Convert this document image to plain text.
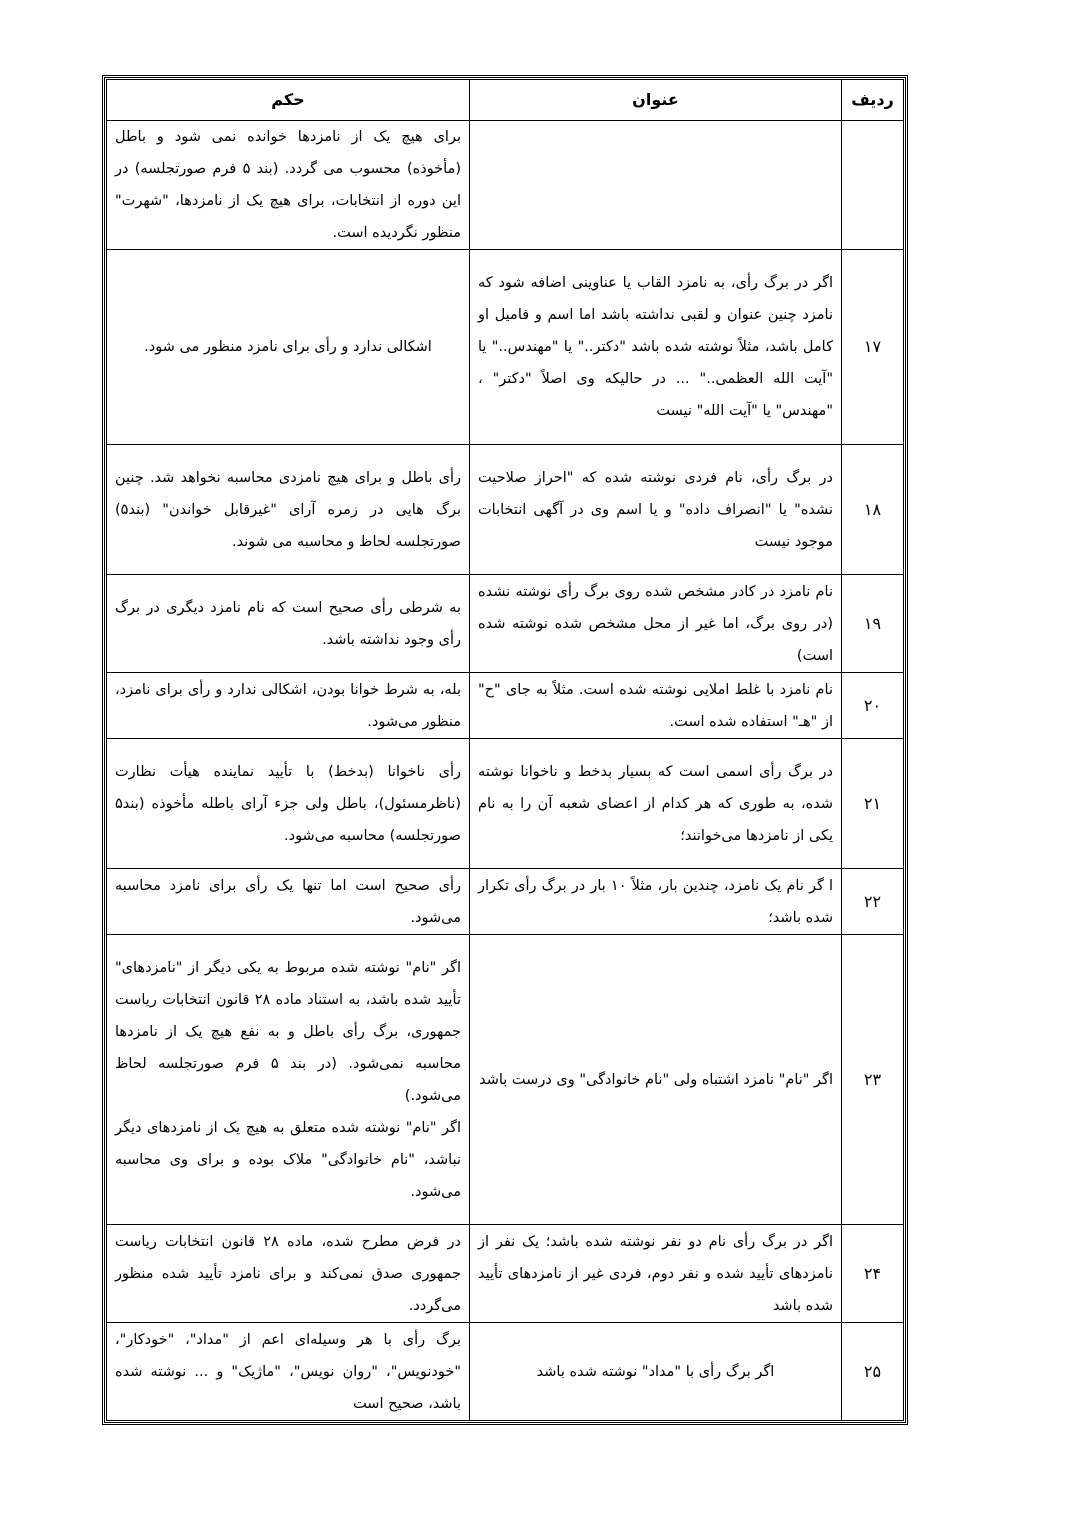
ردیف	عنوان	حکم
		برای هیچ یک از نامزدها خوانده نمی شود و باطل (مأخوذه) محسوب می گردد. (بند ۵ فرم صورتجلسه) در این دوره از انتخابات، برای هیچ یک از نامزدها، "شهرت" منظور نگردیده است.
۱۷	اگر در برگ رأی، به نامزد القاب یا عناوینی اضافه شود که نامزد چنین عنوان و لقبی نداشته باشد اما اسم و فامیل او کامل باشد، مثلاً نوشته شده باشد "دکتر.." یا "مهندس.." یا "آیت الله العظمی.." ... در حالیکه وی اصلاً "دکتر" ، "مهندس" یا "آیت الله" نیست	اشکالی ندارد و رأی برای نامزد منظور می شود.
۱۸	در برگ رأی، نام فردی نوشته شده که "احراز صلاحیت نشده" یا "انصراف داده" و یا اسم وی در آگهی انتخابات موجود نیست	رأی باطل و برای هیچ نامزدی محاسبه نخواهد شد. چنین برگ هایی در زمره آرای "غیرقابل خواندن" (بند۵) صورتجلسه لحاظ و محاسبه می شوند.
۱۹	نام نامزد در کادر مشخص شده روی برگ رأی نوشته نشده (در روی برگ، اما غیر از محل مشخص شده نوشته شده است)	به شرطی رأی صحیح است که نام نامزد دیگری در برگ رأی وجود نداشته باشد.
۲۰	نام نامزد با غلط املایی نوشته شده است. مثلاً به جای "ح" از "هـ" استفاده شده است.	بله، به شرط خوانا بودن، اشکالی ندارد و رأی برای نامزد، منظور می‌شود.
۲۱	در برگ رأی اسمی است که بسیار بدخط و ناخوانا نوشته شده، به طوری که هر کدام از اعضای شعبه آن را به نام یکی از نامزدها می‌خوانند؛	رأی ناخوانا (بدخط) با تأیید نماینده هیأت نظارت (ناظرمسئول)، باطل ولی جزء آرای باطله مأخوذه (بند۵ صورتجلسه) محاسبه می‌شود.
۲۲	ا گر نام یک نامزد، چندین بار، مثلاً ۱۰ بار در برگ رأی تکرار شده باشد؛	رأی صحیح است اما تنها یک رأی برای نامزد محاسبه می‌شود.
۲۳	اگر "نام" نامزد اشتباه ولی "نام خانوادگی" وی درست باشد	اگر "نام" نوشته شده مربوط به یکی دیگر از "نامزدهای" تأیید شده باشد، به استناد ماده ۲۸ قانون انتخابات ریاست جمهوری، برگ رأی باطل و به نفع هیچ یک از نامزدها محاسبه نمی‌شود. (در بند ۵ فرم صورتجلسه لحاظ می‌شود.)
اگر "نام" نوشته شده متعلق به هیچ یک از نامزدهای دیگر نباشد، "نام خانوادگی" ملاک بوده و برای وی محاسبه می‌شود.

۲۴	اگر در برگ رأی نام دو نفر نوشته شده باشد؛ یک نفر از نامزدهای تأیید شده و نفر دوم، فردی غیر از نامزدهای تأیید شده باشد	در فرض مطرح شده، ماده ۲۸ قانون انتخابات ریاست جمهوری صدق نمی‌کند و برای نامزد تأیید شده منظور می‌گردد.
۲۵	اگر برگ رأی با "مداد" نوشته شده باشد	برگ رأی با هر وسیله‌ای اعم از "مداد"، "خودکار"، "خودنویس"، "روان نویس"، "ماژیک" و ... نوشته شده باشد، صحیح است
